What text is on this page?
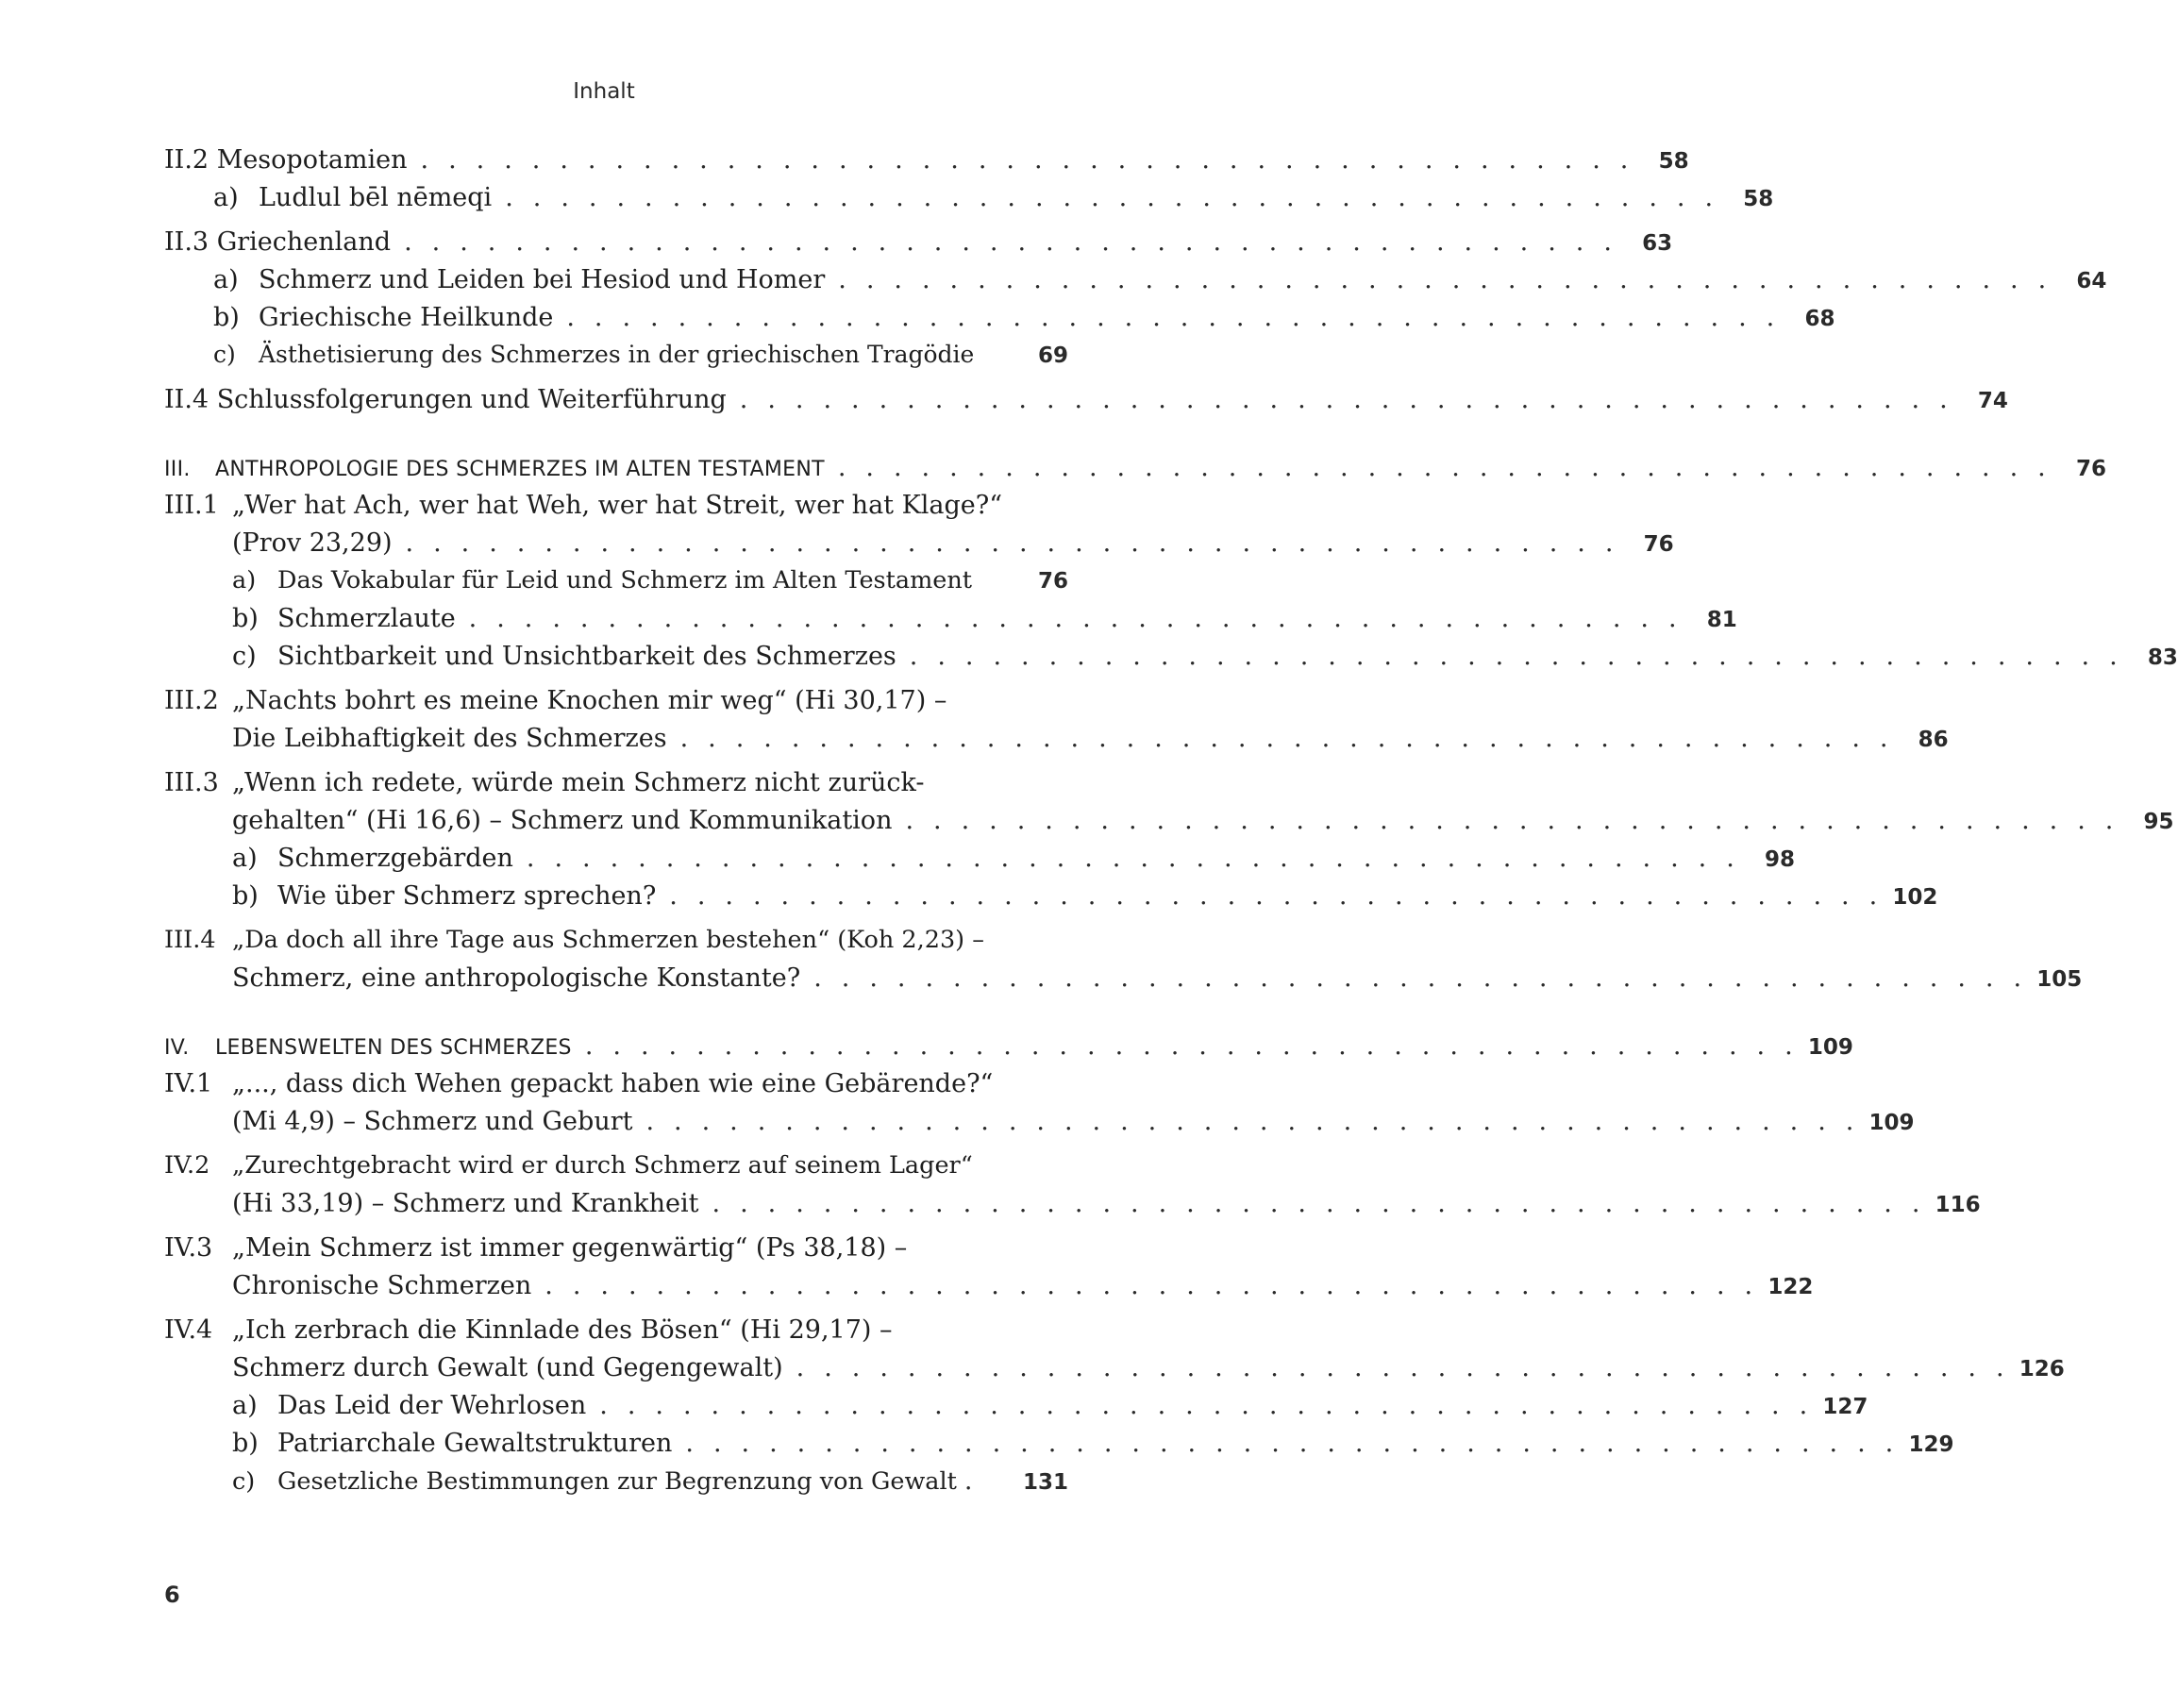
Inhalt
II.2 Mesopotamien . . . . . . . . . . . . . . . . . . . . . . . . . . . . . . . . . . . . . . . . . . . .	58
a) Ludlul bēl nēmeqi . . . . . . . . . . . . . . . . . . . . . . . . . . . . . . . . . . . . . . . . . . . .	58
II.3 Griechenland . . . . . . . . . . . . . . . . . . . . . . . . . . . . . . . . . . . . . . . . . . . .	63
a) Schmerz und Leiden bei Hesiod und Homer . . . . . . . . . . . . . . . . . . . . . . . . . . . . . . . . . . . . . . . . . . . .	64
b) Griechische Heilkunde . . . . . . . . . . . . . . . . . . . . . . . . . . . . . . . . . . . . . . . . . . . .	68
c) Ästhetisierung des Schmerzes in der griechischen Tragödie	69
II.4 Schlussfolgerungen und Weiterführung . . . . . . . . . . . . . . . . . . . . . . . . . . . . . . . . . . . . . . . . . . . .	74
III. ANTHROPOLOGIE DES SCHMERZES IM ALTEN TESTAMENT . . . . . . . . . . . . . . . . . . . . . . . . . . . . . . . . . . . . . . . . . . . .	76
III.1 „Wer hat Ach, wer hat Weh, wer hat Streit, wer hat Klage?“
(Prov 23,29) . . . . . . . . . . . . . . . . . . . . . . . . . . . . . . . . . . . . . . . . . . . .	76
a) Das Vokabular für Leid und Schmerz im Alten Testament	76
b) Schmerzlaute . . . . . . . . . . . . . . . . . . . . . . . . . . . . . . . . . . . . . . . . . . . .	81
c) Sichtbarkeit und Unsichtbarkeit des Schmerzes . . . . . . . . . . . . . . . . . . . . . . . . . . . . . . . . . . . . . . . . . . . .	83
III.2 „Nachts bohrt es meine Knochen mir weg“ (Hi 30,17) –
Die Leibhaftigkeit des Schmerzes . . . . . . . . . . . . . . . . . . . . . . . . . . . . . . . . . . . . . . . . . . . .	86
III.3 „Wenn ich redete, würde mein Schmerz nicht zurück-
gehalten“ (Hi 16,6) – Schmerz und Kommunikation . . . . . . . . . . . . . . . . . . . . . . . . . . . . . . . . . . . . . . . . . . . .	95
a) Schmerzgebärden . . . . . . . . . . . . . . . . . . . . . . . . . . . . . . . . . . . . . . . . . . . .	98
b) Wie über Schmerz sprechen? . . . . . . . . . . . . . . . . . . . . . . . . . . . . . . . . . . . . . . . . . . . . 102
III.4 „Da doch all ihre Tage aus Schmerzen bestehen“ (Koh 2,23) –
Schmerz, eine anthropologische Konstante? . . . . . . . . . . . . . . . . . . . . . . . . . . . . . . . . . . . . . . . . . . . . 105
IV. LEBENSWELTEN DES SCHMERZES . . . . . . . . . . . . . . . . . . . . . . . . . . . . . . . . . . . . . . . . . . . . 109
IV.1 „..., dass dich Wehen gepackt haben wie eine Gebärende?“
(Mi 4,9) – Schmerz und Geburt . . . . . . . . . . . . . . . . . . . . . . . . . . . . . . . . . . . . . . . . . . . . 109
IV.2 „Zurechtgebracht wird er durch Schmerz auf seinem Lager“
(Hi 33,19) – Schmerz und Krankheit . . . . . . . . . . . . . . . . . . . . . . . . . . . . . . . . . . . . . . . . . . . . 116
IV.3 „Mein Schmerz ist immer gegenwärtig“ (Ps 38,18) –
Chronische Schmerzen . . . . . . . . . . . . . . . . . . . . . . . . . . . . . . . . . . . . . . . . . . . . 122
IV.4 „Ich zerbrach die Kinnlade des Bösen“ (Hi 29,17) –
Schmerz durch Gewalt (und Gegengewalt) . . . . . . . . . . . . . . . . . . . . . . . . . . . . . . . . . . . . . . . . . . . . 126
a) Das Leid der Wehrlosen . . . . . . . . . . . . . . . . . . . . . . . . . . . . . . . . . . . . . . . . . . . . 127
b) Patriarchale Gewaltstrukturen . . . . . . . . . . . . . . . . . . . . . . . . . . . . . . . . . . . . . . . . . . . . 129
c) Gesetzliche Bestimmungen zur Begrenzung von Gewalt .	131
6
